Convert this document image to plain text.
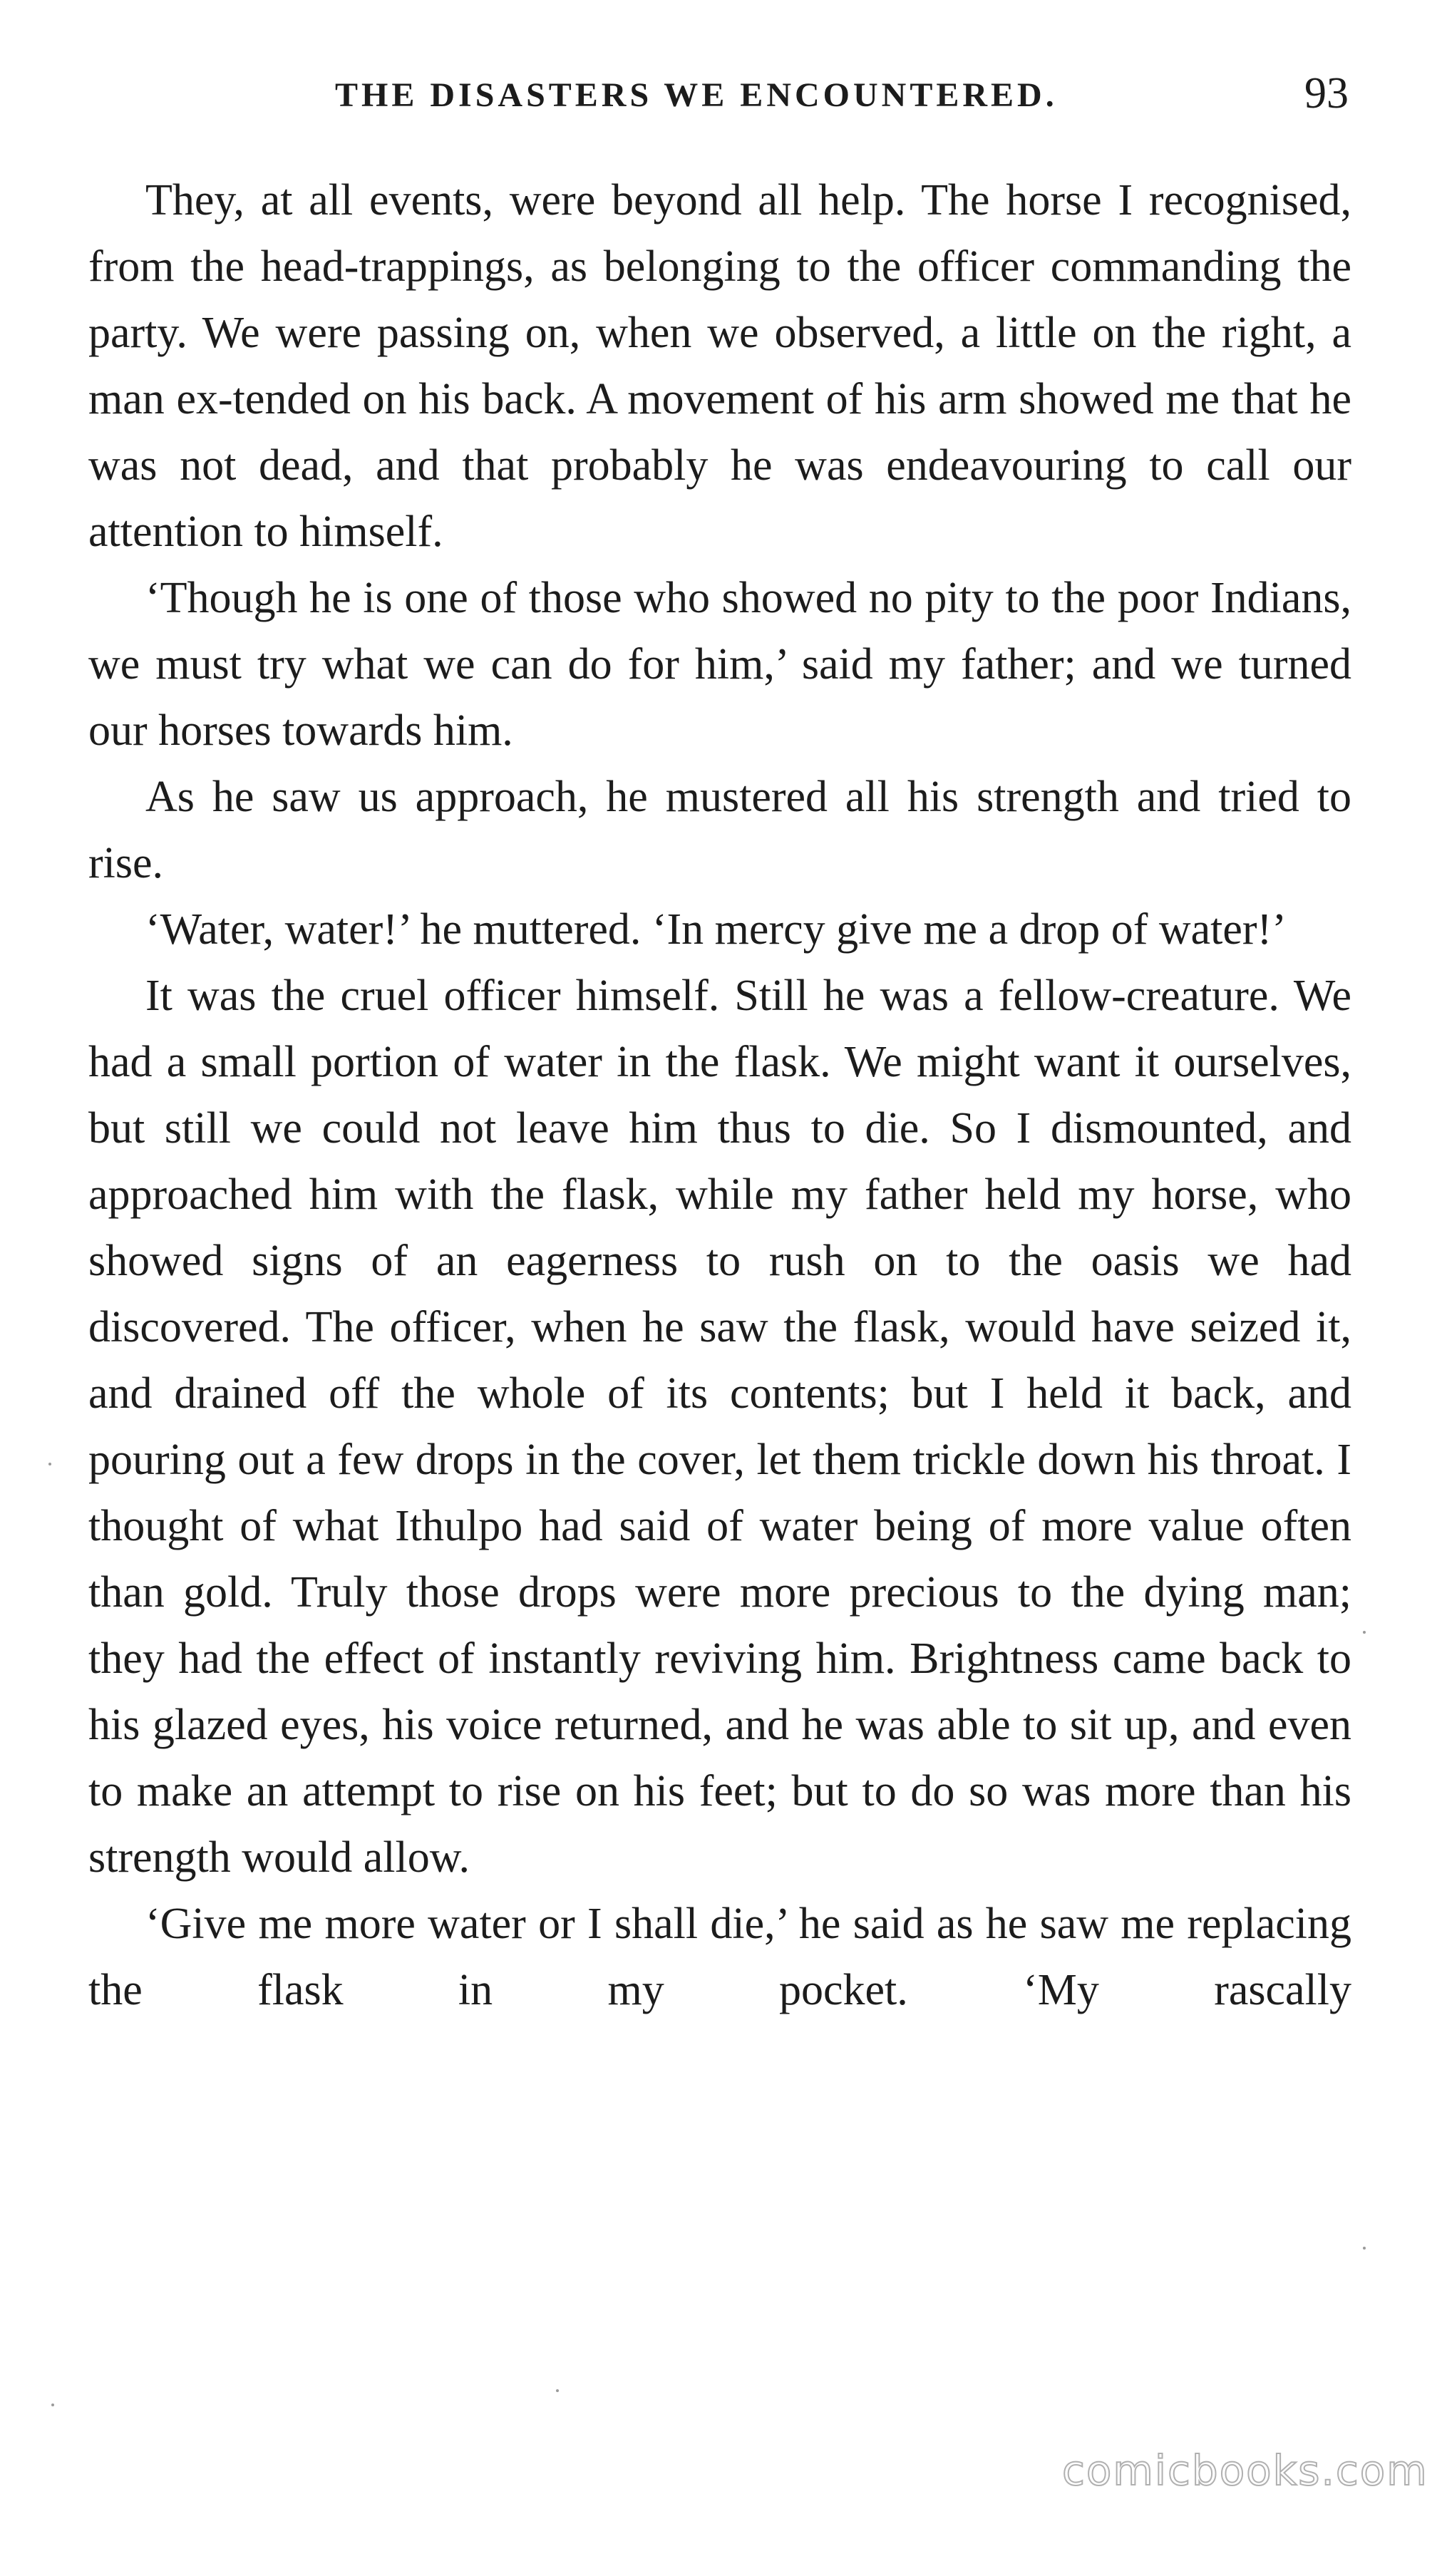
THE DISASTERS WE ENCOUNTERED.	93

They, at all events, were beyond all help. The horse I recognised, from the head-trappings, as belonging to the officer commanding the party. We were passing on, when we observed, a little on the right, a man ex-tended on his back. A movement of his arm showed me that he was not dead, and that probably he was endeavouring to call our attention to himself.

‘Though he is one of those who showed no pity to the poor Indians, we must try what we can do for him,’ said my father; and we turned our horses towards him.

As he saw us approach, he mustered all his strength and tried to rise.

‘Water, water!’ he muttered. ‘In mercy give me a drop of water!’

It was the cruel officer himself. Still he was a fellow-creature. We had a small portion of water in the flask. We might want it ourselves, but still we could not leave him thus to die. So I dismounted, and approached him with the flask, while my father held my horse, who showed signs of an eagerness to rush on to the oasis we had discovered. The officer, when he saw the flask, would have seized it, and drained off the whole of its contents; but I held it back, and pouring out a few drops in the cover, let them trickle down his throat. I thought of what Ithulpo had said of water being of more value often than gold. Truly those drops were more precious to the dying man; they had the effect of instantly reviving him. Brightness came back to his glazed eyes, his voice returned, and he was able to sit up, and even to make an attempt to rise on his feet; but to do so was more than his strength would allow.

‘Give me more water or I shall die,’ he said as he saw me replacing the flask in my pocket. ‘My rascally

comicbooks.com
